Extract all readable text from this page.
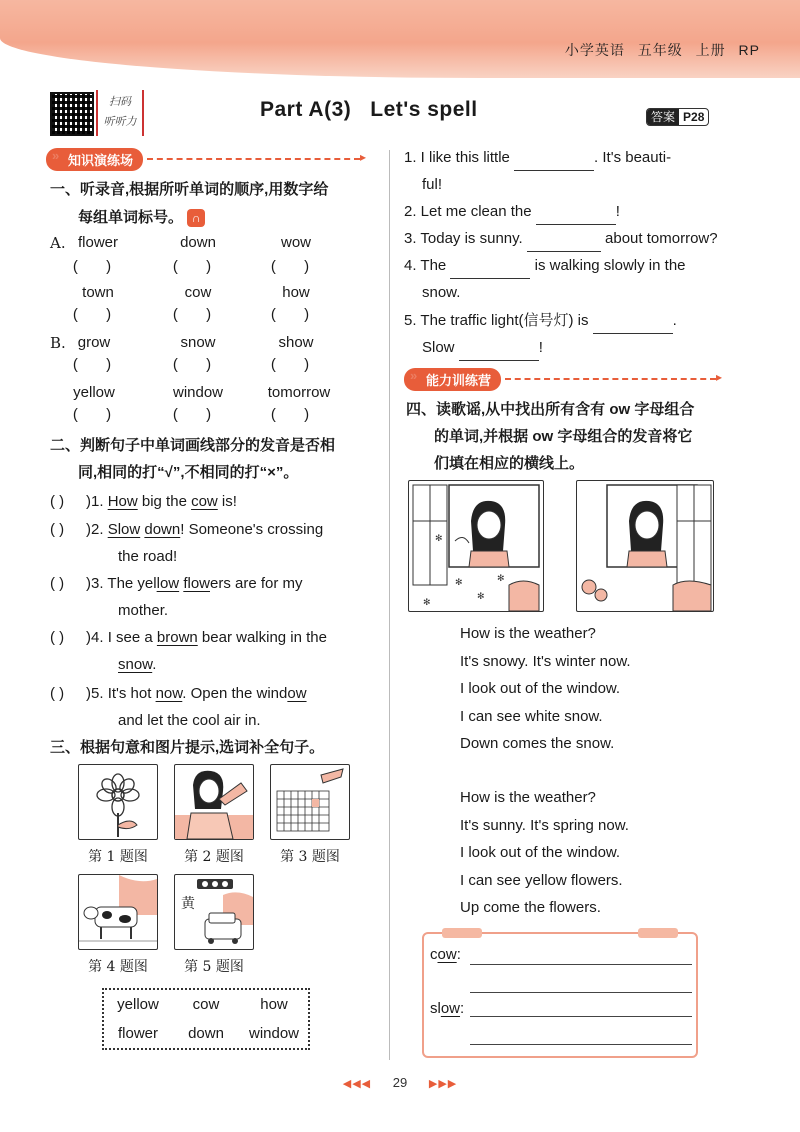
小学英语 五年级 上册 RP
扫码
听听力
Part A(3)   Let's spell	答案 P28
» 知识演练场
▸
一、听录音,根据所听单词的顺序,用数字给
每组单词标号。 ∩
A.
B.
flower	down	wow
( )	( )	( )
town	cow	how
( )	( )	( )
grow	snow	show
( )	( )	( )
yellow	window	tomorrow
( )	( )	( )
二、判断句子中单词画线部分的发音是否相
同,相同的打“√”,不相同的打“×”。
( ) )1. How big the cow is!
( ) )2. Slow down! Someone's crossing
the road!
( ) )3. The yellow flowers are for my
mother.
( ) )4. I see a brown bear walking in the
snow.
( ) )5. It's hot now. Open the window
and let the cool air in.
三、根据句意和图片提示,选词补全句子。
第 1 题图	第 2 题图	第 3 题图
黄
第 4 题图	第 5 题图
yellow	cow	how
flower	down	window
1. I like this little	. It's beauti-
ful!
2. Let me clean the	!
3. Today is sunny.	about tomorrow?
4. The	is walking slowly in the
snow.
5. The traffic light(信号灯) is	.
Slow	!
» 能力训练营
▸
四、读歌谣,从中找出所有含有 ow 字母组合
的单词,并根据 ow 字母组合的发音将它
们填在相应的横线上。
✻
✻
✻
✻
✻
How is the weather?
It's snowy. It's winter now.
I look out of the window.
I can see white snow.
Down comes the snow.
How is the weather?
It's sunny. It's spring now.
I look out of the window.
I can see yellow flowers.
Up come the flowers.
cow:
slow:
◀◀◀ 29 ▶▶▶
